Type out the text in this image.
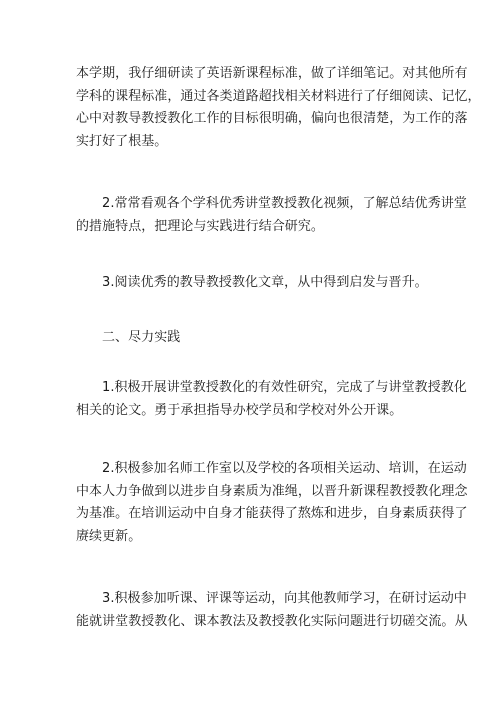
本学期，我仔细研读了英语新课程标准，做了详细笔记。对其他所有
学科的课程标准，通过各类道路超找相关材料进行了仔细阅读、记忆，
心中对教导教授教化工作的目标很明确，偏向也很清楚，为工作的落
实打好了根基。
2.常常看观各个学科优秀讲堂教授教化视频，了解总结优秀讲堂
的措施特点，把理论与实践进行结合研究。
3.阅读优秀的教导教授教化文章，从中得到启发与晋升。
二、尽力实践
1.积极开展讲堂教授教化的有效性研究，完成了与讲堂教授教化
相关的论文。勇于承担指导办校学员和学校对外公开课。
2.积极参加名师工作室以及学校的各项相关运动、培训，在运动
中本人力争做到以进步自身素质为准绳，以晋升新课程教授教化理念
为基准。在培训运动中自身才能获得了熬炼和进步，自身素质获得了
赓续更新。
3.积极参加听课、评课等运动，向其他教师学习，在研讨运动中
能就讲堂教授教化、课本教法及教授教化实际问题进行切磋交流。从
